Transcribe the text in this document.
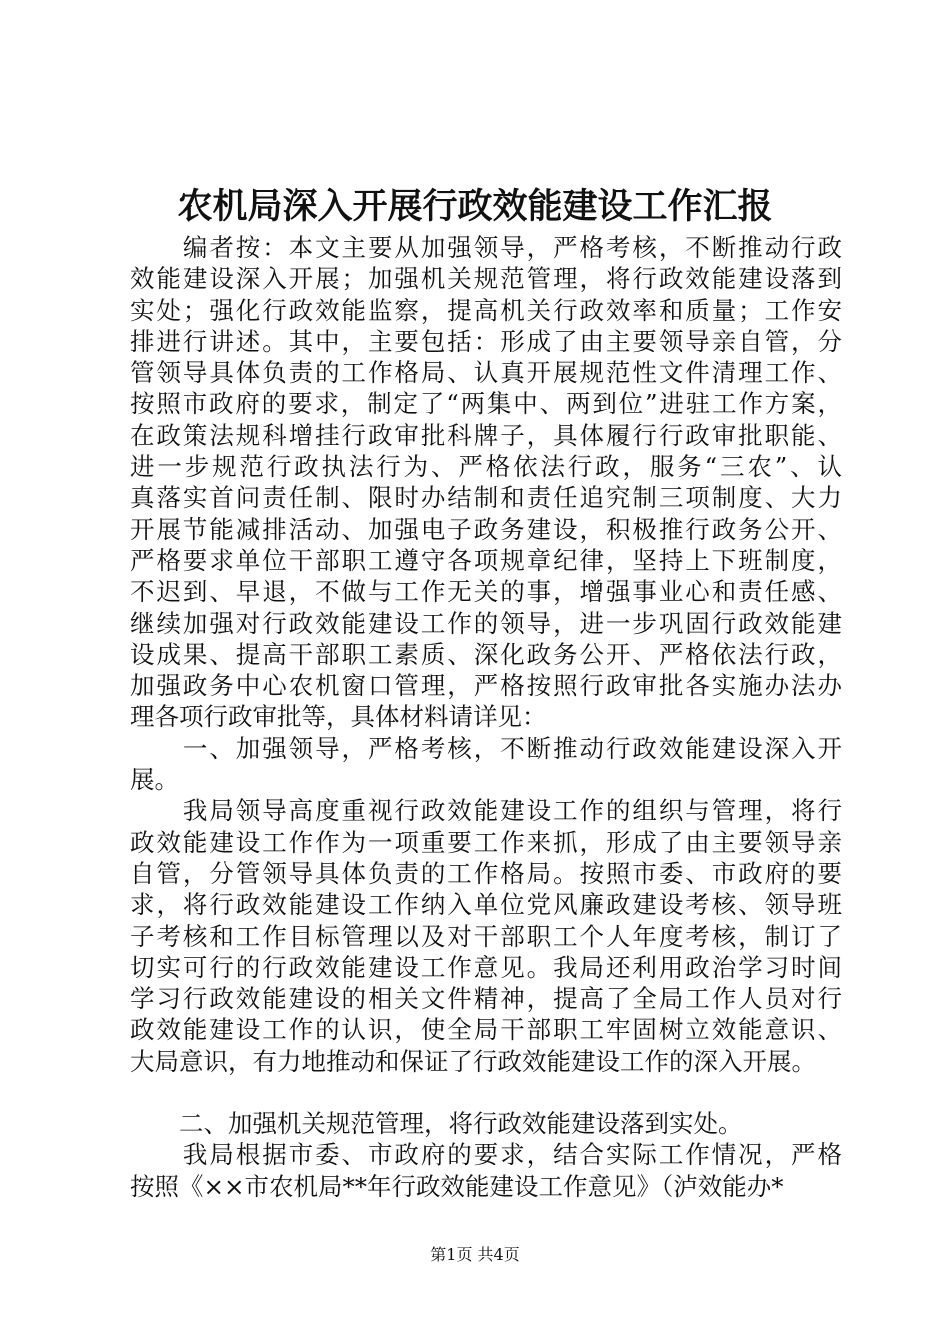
农机局深入开展行政效能建设工作汇报
　　编者按：本文主要从加强领导，严格考核，不断推动行政
效能建设深入开展；加强机关规范管理，将行政效能建设落到
实处；强化行政效能监察，提高机关行政效率和质量；工作安
排进行讲述。其中，主要包括：形成了由主要领导亲自管，分
管领导具体负责的工作格局、认真开展规范性文件清理工作、
按照市政府的要求，制定了“两集中、两到位”进驻工作方案，
在政策法规科增挂行政审批科牌子，具体履行行政审批职能、
进一步规范行政执法行为、严格依法行政，服务“三农”、认
真落实首问责任制、限时办结制和责任追究制三项制度、大力
开展节能减排活动、加强电子政务建设，积极推行政务公开、
严格要求单位干部职工遵守各项规章纪律，坚持上下班制度，
不迟到、早退，不做与工作无关的事，增强事业心和责任感、
继续加强对行政效能建设工作的领导，进一步巩固行政效能建
设成果、提高干部职工素质、深化政务公开、严格依法行政，
加强政务中心农机窗口管理，严格按照行政审批各实施办法办
理各项行政审批等，具体材料请详见：
　　一、加强领导，严格考核，不断推动行政效能建设深入开
展。
　　我局领导高度重视行政效能建设工作的组织与管理，将行
政效能建设工作作为一项重要工作来抓，形成了由主要领导亲
自管，分管领导具体负责的工作格局。按照市委、市政府的要
求，将行政效能建设工作纳入单位党风廉政建设考核、领导班
子考核和工作目标管理以及对干部职工个人年度考核，制订了
切实可行的行政效能建设工作意见。我局还利用政治学习时间
学习行政效能建设的相关文件精神，提高了全局工作人员对行
政效能建设工作的认识，使全局干部职工牢固树立效能意识、
大局意识，有力地推动和保证了行政效能建设工作的深入开展。
　　二、加强机关规范管理，将行政效能建设落到实处。
　　我局根据市委、市政府的要求，结合实际工作情况，严格
按照《××市农机局**年行政效能建设工作意见》（泸效能办*
第1页 共4页
